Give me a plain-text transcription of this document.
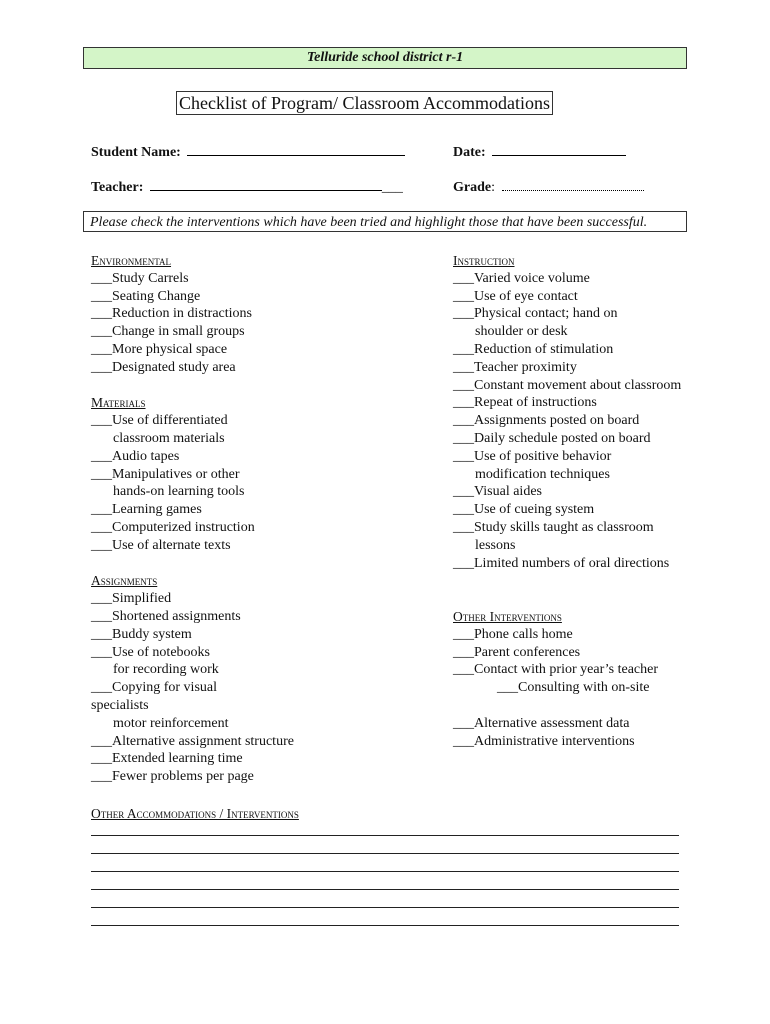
Telluride school district r-1
Checklist of Program/ Classroom Accommodations
Student Name:	Date:
Teacher:	___	Grade:
Please check the interventions which have been tried and highlight those that have been successful.
Environmental
___Study Carrels
___Seating Change
___Reduction in distractions
___Change in small groups
___More physical space
___Designated study area
Materials
___Use of differentiated
classroom materials
___Audio tapes
___Manipulatives or other
hands-on learning tools
___Learning games
___Computerized instruction
___Use of alternate texts
Assignments
___Simplified
___Shortened assignments
___Buddy system
___Use of notebooks
for recording work
___Copying for visual
specialists
motor reinforcement
___Alternative assignment structure
___Extended learning time
___Fewer problems per page
Instruction
___Varied voice volume
___Use of eye contact
___Physical contact; hand on
shoulder or desk
___Reduction of stimulation
___Teacher proximity
___Constant movement about classroom
___Repeat of instructions
___Assignments posted on board
___Daily schedule posted on board
___Use of positive behavior
modification techniques
___Visual aides
___Use of cueing system
___Study skills taught as classroom
lessons
___Limited numbers of oral directions
Other Interventions
___Phone calls home
___Parent conferences
___Contact with prior year’s teacher
___Consulting with on-site
___Alternative assessment data
___Administrative interventions
Other Accommodations / Interventions
